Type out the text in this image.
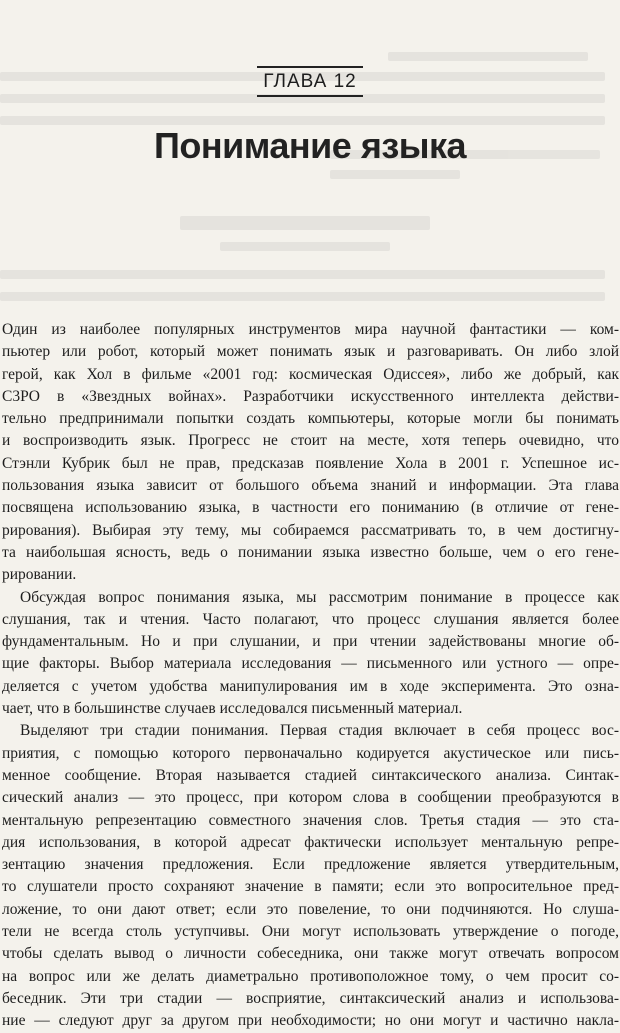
ГЛАВА 12
Понимание языка
Один из наиболее популярных инструментов мира научной фантастики — ком-
пьютер или робот, который может понимать язык и разговаривать. Он либо злой
герой, как Хол в фильме «2001 год: космическая Одиссея», либо же добрый, как
C3PO в «Звездных войнах». Разработчики искусственного интеллекта действи-
тельно предпринимали попытки создать компьютеры, которые могли бы понимать
и воспроизводить язык. Прогресс не стоит на месте, хотя теперь очевидно, что
Стэнли Кубрик был не прав, предсказав появление Хола в 2001 г. Успешное ис-
пользования языка зависит от большого объема знаний и информации. Эта глава
посвящена использованию языка, в частности его пониманию (в отличие от гене-
рирования). Выбирая эту тему, мы собираемся рассматривать то, в чем достигну-
та наибольшая ясность, ведь о понимании языка известно больше, чем о его гене-
рировании.
Обсуждая вопрос понимания языка, мы рассмотрим понимание в процессе как
слушания, так и чтения. Часто полагают, что процесс слушания является более
фундаментальным. Но и при слушании, и при чтении задействованы многие об-
щие факторы. Выбор материала исследования — письменного или устного — опре-
деляется с учетом удобства манипулирования им в ходе эксперимента. Это озна-
чает, что в большинстве случаев исследовался письменный материал.
Выделяют три стадии понимания. Первая стадия включает в себя процесс вос-
приятия, с помощью которого первоначально кодируется акустическое или пись-
менное сообщение. Вторая называется стадией синтаксического анализа. Синтак-
сический анализ — это процесс, при котором слова в сообщении преобразуются в
ментальную репрезентацию совместного значения слов. Третья стадия — это ста-
дия использования, в которой адресат фактически использует ментальную репре-
зентацию значения предложения. Если предложение является утвердительным,
то слушатели просто сохраняют значение в памяти; если это вопросительное пред-
ложение, то они дают ответ; если это повеление, то они подчиняются. Но слуша-
тели не всегда столь уступчивы. Они могут использовать утверждение о погоде,
чтобы сделать вывод о личности собеседника, они также могут отвечать вопросом
на вопрос или же делать диаметрально противоположное тому, о чем просит со-
беседник. Эти три стадии — восприятие, синтаксический анализ и использова-
ние — следуют друг за другом при необходимости; но они могут и частично накла-
